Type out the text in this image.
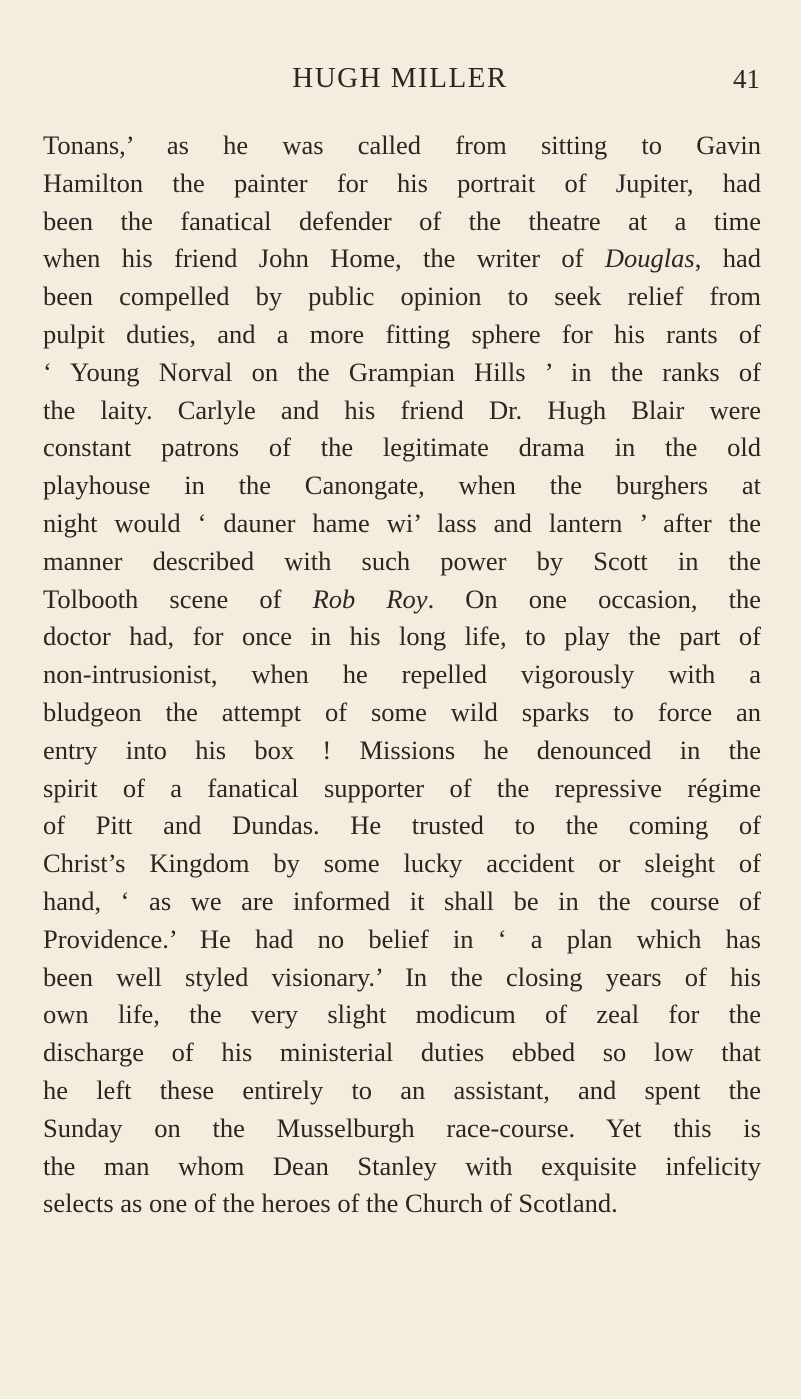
HUGH MILLER	41
Tonans,’ as he was called from sitting to Gavin
Hamilton the painter for his portrait of Jupiter, had
been the fanatical defender of the theatre at a time
when his friend John Home, the writer of Douglas, had
been compelled by public opinion to seek relief from
pulpit duties, and a more fitting sphere for his rants of
‘ Young Norval on the Grampian Hills ’ in the ranks of
the laity. Carlyle and his friend Dr. Hugh Blair were
constant patrons of the legitimate drama in the old
playhouse in the Canongate, when the burghers at
night would ‘ dauner hame wi’ lass and lantern ’ after the
manner described with such power by Scott in the
Tolbooth scene of Rob Roy. On one occasion, the
doctor had, for once in his long life, to play the part of
non-intrusionist, when he repelled vigorously with a
bludgeon the attempt of some wild sparks to force an
entry into his box ! Missions he denounced in the
spirit of a fanatical supporter of the repressive régime
of Pitt and Dundas. He trusted to the coming of
Christ’s Kingdom by some lucky accident or sleight of
hand, ‘ as we are informed it shall be in the course of
Providence.’ He had no belief in ‘ a plan which has
been well styled visionary.’ In the closing years of his
own life, the very slight modicum of zeal for the
discharge of his ministerial duties ebbed so low that
he left these entirely to an assistant, and spent the
Sunday on the Musselburgh race-course. Yet this is
the man whom Dean Stanley with exquisite infelicity
selects as one of the heroes of the Church of Scotland.
